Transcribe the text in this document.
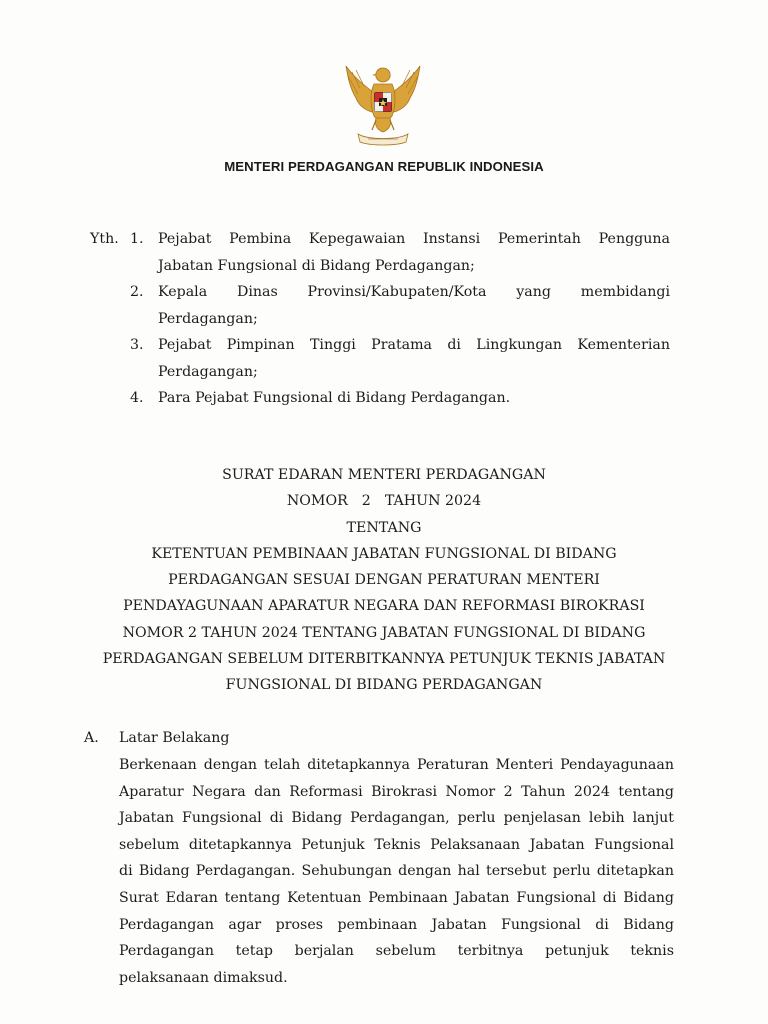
MENTERI PERDAGANGAN REPUBLIK INDONESIA
Yth. 1.	Pejabat Pembina Kepegawaian Instansi Pemerintah Pengguna
Jabatan Fungsional di Bidang Perdagangan;
2.	Kepala Dinas Provinsi/Kabupaten/Kota yang membidangi
Perdagangan;
3.	Pejabat Pimpinan Tinggi Pratama di Lingkungan Kementerian
Perdagangan;
4.	Para Pejabat Fungsional di Bidang Perdagangan.
SURAT EDARAN MENTERI PERDAGANGAN
NOMOR 2 TAHUN 2024
TENTANG
KETENTUAN PEMBINAAN JABATAN FUNGSIONAL DI BIDANG
PERDAGANGAN SESUAI DENGAN PERATURAN MENTERI
PENDAYAGUNAAN APARATUR NEGARA DAN REFORMASI BIROKRASI
NOMOR 2 TAHUN 2024 TENTANG JABATAN FUNGSIONAL DI BIDANG
PERDAGANGAN SEBELUM DITERBITKANNYA PETUNJUK TEKNIS JABATAN
FUNGSIONAL DI BIDANG PERDAGANGAN
A.	Latar Belakang
Berkenaan dengan telah ditetapkannya Peraturan Menteri Pendayagunaan
Aparatur Negara dan Reformasi Birokrasi Nomor 2 Tahun 2024 tentang
Jabatan Fungsional di Bidang Perdagangan, perlu penjelasan lebih lanjut
sebelum ditetapkannya Petunjuk Teknis Pelaksanaan Jabatan Fungsional
di Bidang Perdagangan. Sehubungan dengan hal tersebut perlu ditetapkan
Surat Edaran tentang Ketentuan Pembinaan Jabatan Fungsional di Bidang
Perdagangan agar proses pembinaan Jabatan Fungsional di Bidang
Perdagangan tetap berjalan sebelum terbitnya petunjuk teknis
pelaksanaan dimaksud.
